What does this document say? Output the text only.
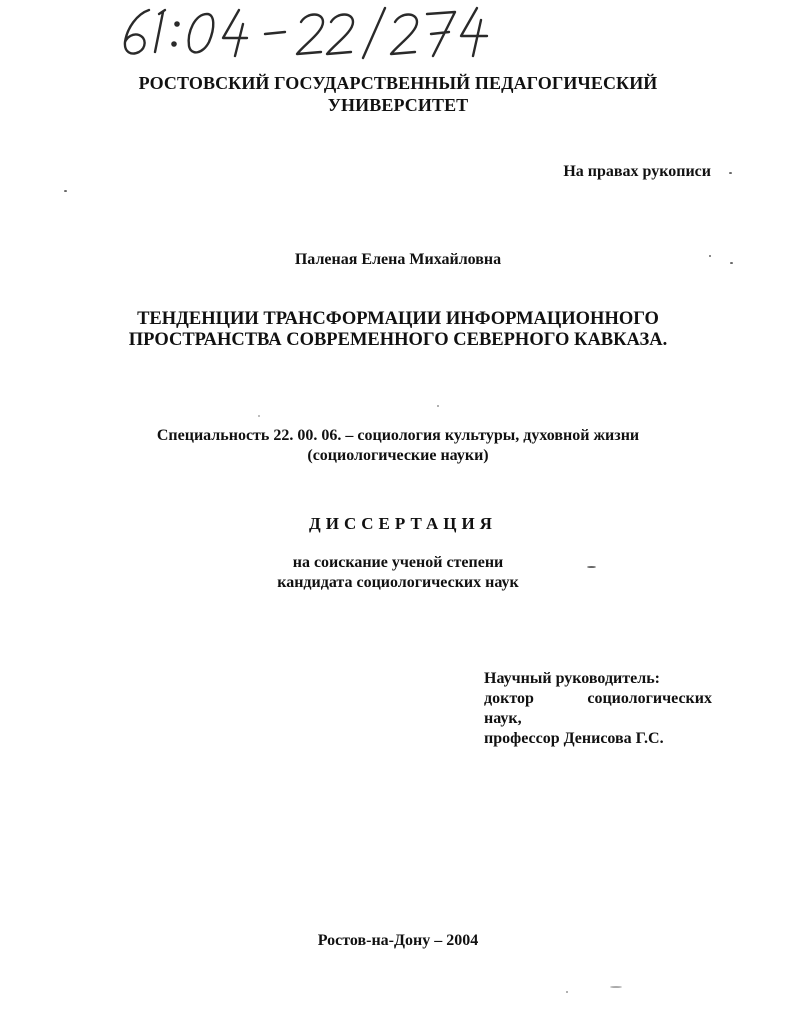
РОСТОВСКИЙ ГОСУДАРСТВЕННЫЙ ПЕДАГОГИЧЕСКИЙ
УНИВЕРСИТЕТ
На правах рукописи
Паленая Елена Михайловна
ТЕНДЕНЦИИ ТРАНСФОРМАЦИИ ИНФОРМАЦИОННОГО
ПРОСТРАНСТВА СОВРЕМЕННОГО СЕВЕРНОГО КАВКАЗА.
Специальность 22. 00. 06. – социология культуры, духовной жизни
(социологические науки)
ДИССЕРТАЦИЯ
на соискание ученой степени
кандидата социологических наук
Научный руководитель:
доктор	социологических
наук,
профессор Денисова Г.С.
Ростов-на-Дону – 2004
